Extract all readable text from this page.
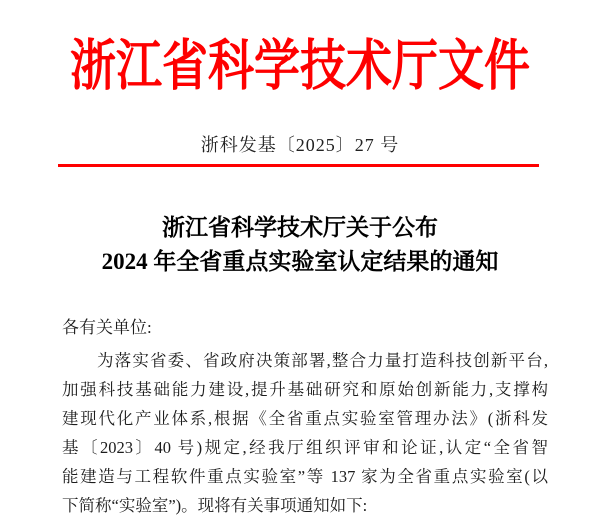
浙江省科学技术厅文件
浙科发基〔2025〕27 号
浙江省科学技术厅关于公布
2024 年全省重点实验室认定结果的通知
各有关单位:
为落实省委、省政府决策部署,整合力量打造科技创新平台,
加强科技基础能力建设,提升基础研究和原始创新能力,支撑构
建现代化产业体系,根据《全省重点实验室管理办法》(浙科发
基〔2023〕40 号)规定,经我厅组织评审和论证,认定“全省智
能建造与工程软件重点实验室”等 137 家为全省重点实验室(以
下简称“实验室”)。现将有关事项通知如下:
